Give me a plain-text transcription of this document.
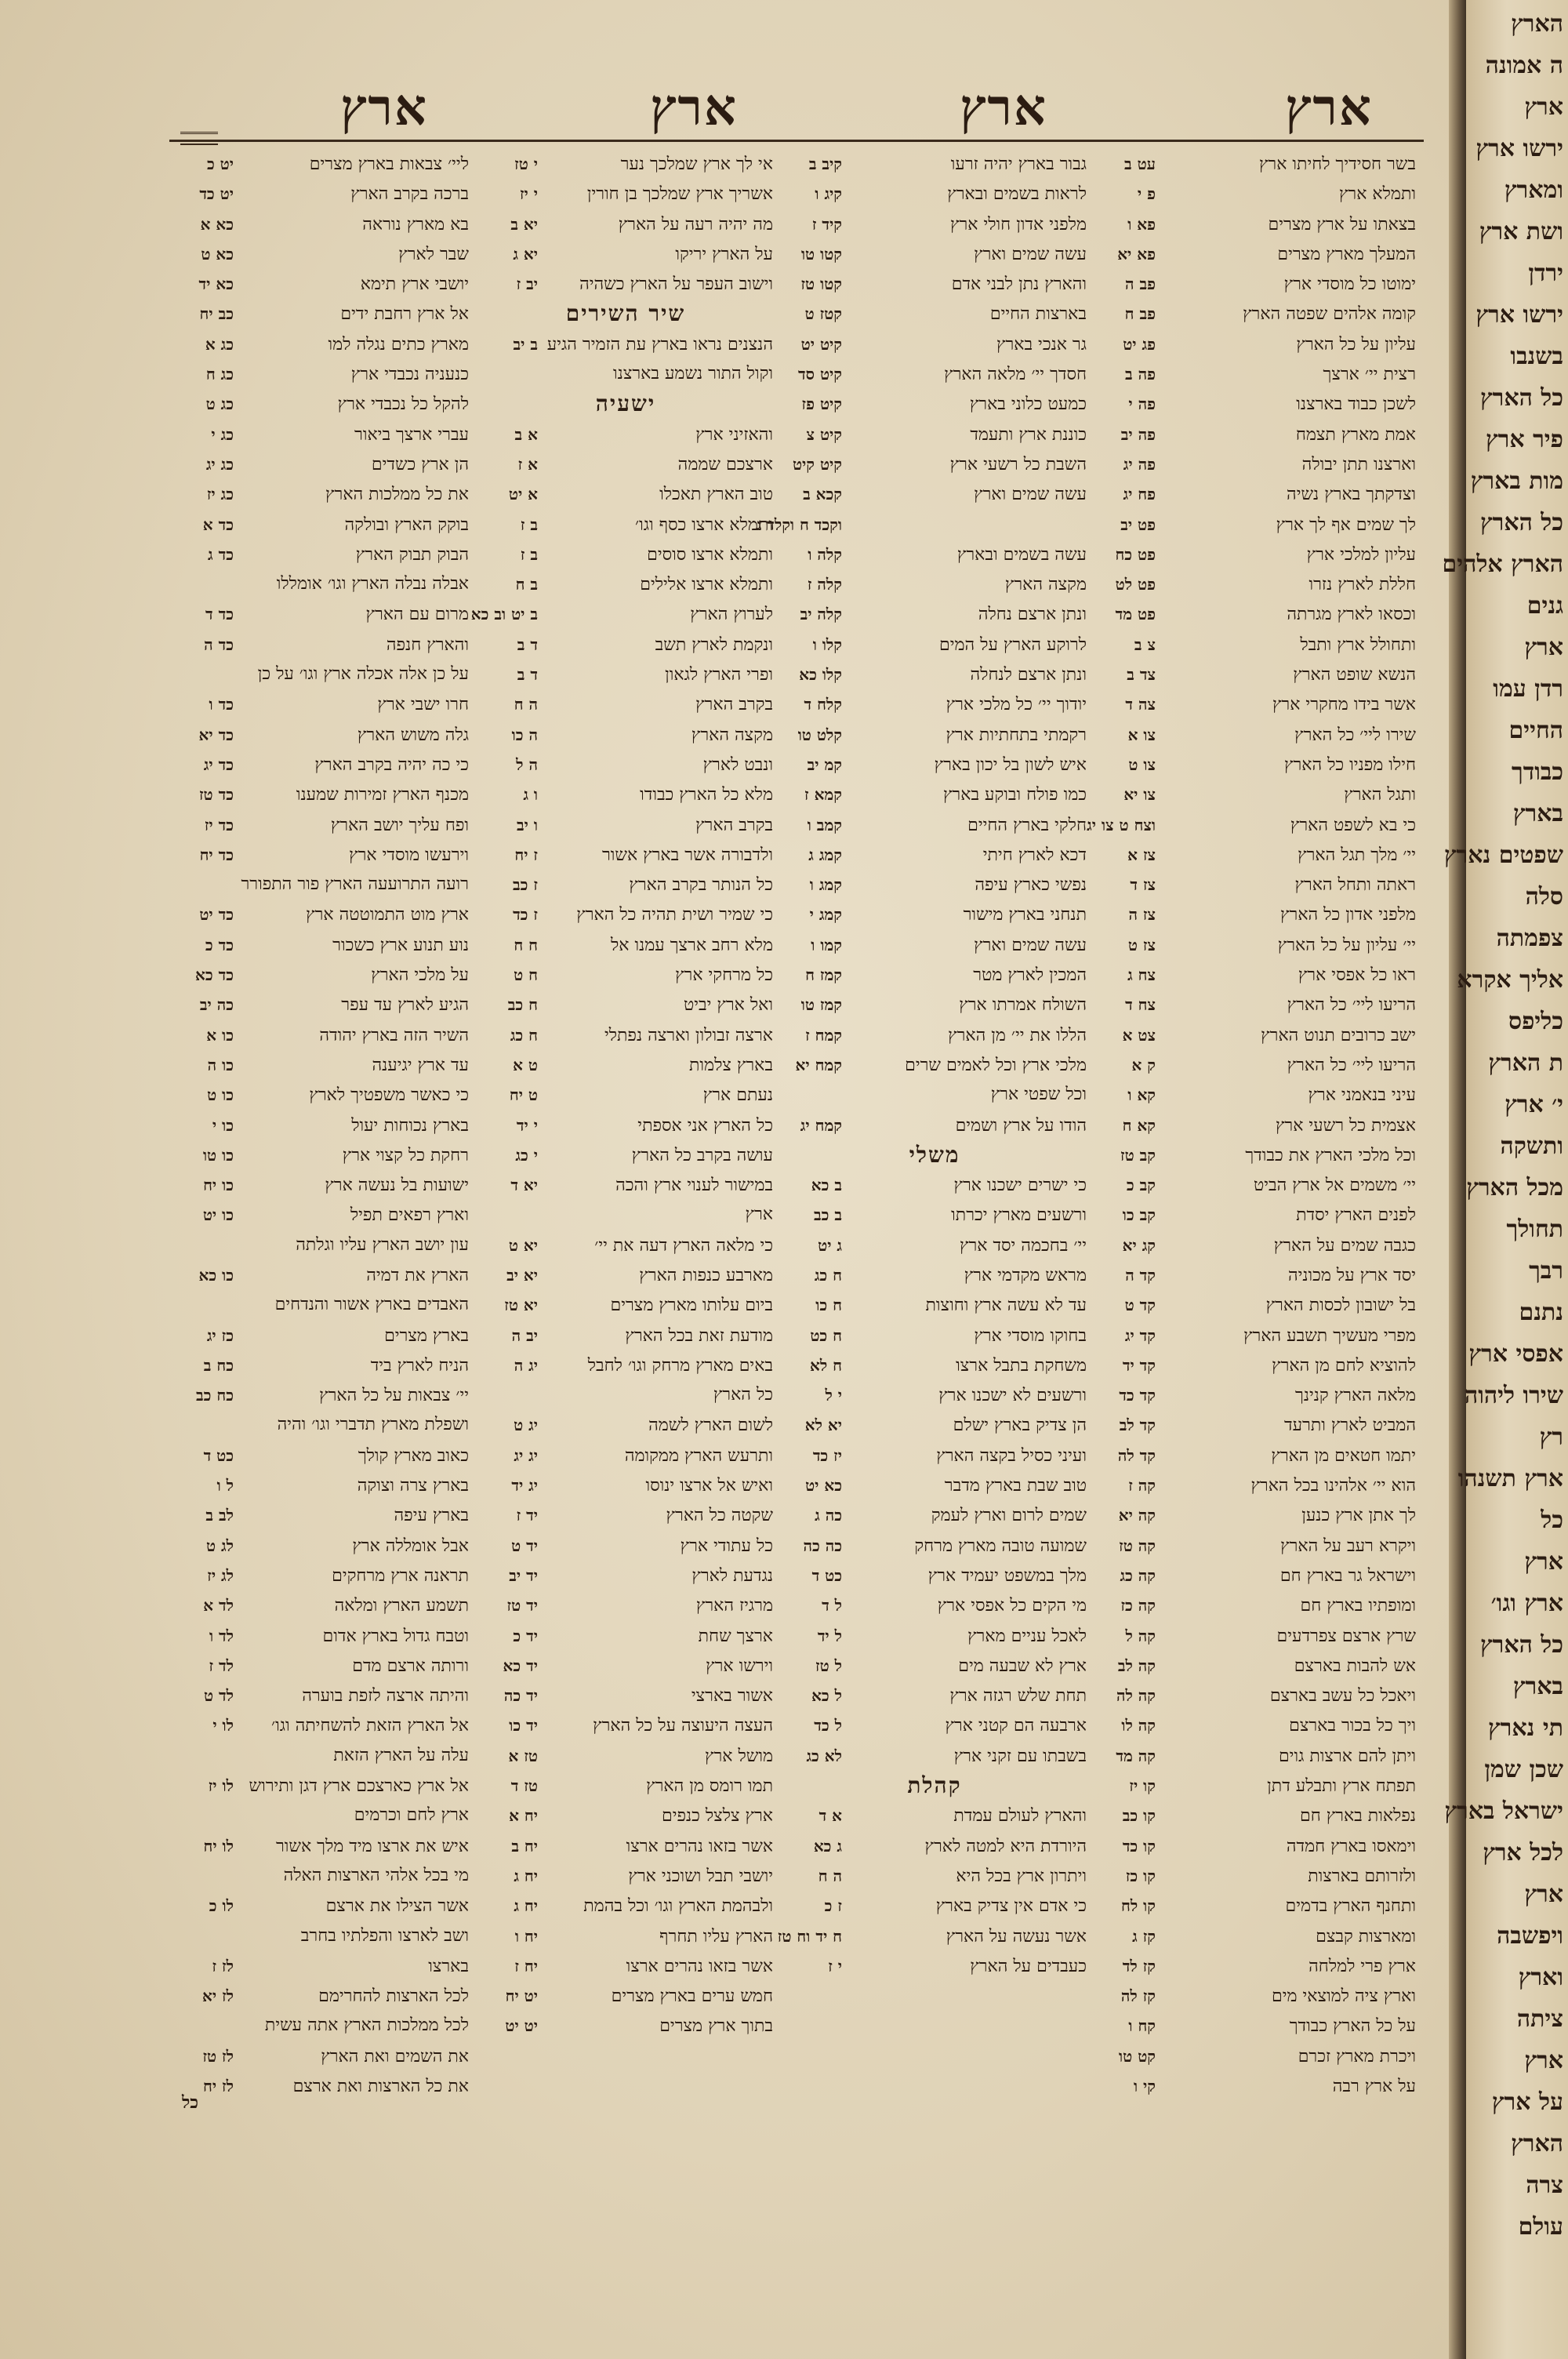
ארץ
ארץ
ארץ
ארץ
בשר חסידיך לחיתו ארץ
עט ב
ותמלא ארץ
פ י
בצאתו על ארץ מצרים
פא ו
המעלך מארץ מצרים
פא יא
ימוטו כל מוסדי ארץ
פב ה
קומה אלהים שפטה הארץ
פב ח
עליון על כל הארץ
פג יט
רצית יי׳ ארצך
פה ב
לשכן כבוד בארצנו
פה י
אמת מארץ תצמח
פה יב
וארצנו תתן יבולה
פה יג
וצדקתך בארץ נשיה
פח יג
לך שמים אף לך ארץ
פט יב
עליון למלכי ארץ
פט כח
חללת לארץ נזרו
פט לט
וכסאו לארץ מגרתה
פט מד
ותחולל ארץ ותבל
צ ב
הנשא שופט הארץ
צד ב
אשר בידו מחקרי ארץ
צה ד
שירו ליי׳ כל הארץ
צו א
חילו מפניו כל הארץ
צו ט
ותגל הארץ
צו יא
כי בא לשפט הארץ
וצח ט צו יג
יי׳ מלך תגל הארץ
צז א
ראתה ותחל הארץ
צז ד
מלפני אדון כל הארץ
צז ה
יי׳ עליון על כל הארץ
צז ט
ראו כל אפסי ארץ
צח ג
הריעו ליי׳ כל הארץ
צח ד
ישב כרובים תנוט הארץ
צט א
הריעו ליי׳ כל הארץ
ק א
עיני בנאמני ארץ
קא ו
אצמית כל רשעי ארץ
קא ח
וכל מלכי הארץ את כבודך
קב טז
יי׳ משמים אל ארץ הביט
קב כ
לפנים הארץ יסדת
קב כו
כגבה שמים על הארץ
קג יא
יסד ארץ על מכוניה
קד ה
בל ישובון לכסות הארץ
קד ט
מפרי מעשיך תשבע הארץ
קד יג
להוציא לחם מן הארץ
קד יד
מלאה הארץ קנינך
קד כד
המביט לארץ ותרעד
קד לב
יתמו חטאים מן הארץ
קד לה
הוא יי׳ אלהינו בכל הארץ
קה ז
לך אתן ארץ כנען
קה יא
ויקרא רעב על הארץ
קה טז
וישראל גר בארץ חם
קה כג
ומופתיו בארץ חם
קה כז
שרץ ארצם צפרדעים
קה ל
אש להבות בארצם
קה לב
ויאכל כל עשב בארצם
קה לה
ויך כל בכור בארצם
קה לו
ויתן להם ארצות גוים
קה מד
תפתח ארץ ותבלע דתן
קו יז
נפלאות בארץ חם
קו כב
וימאסו בארץ חמדה
קו כד
ולזרותם בארצות
קו כז
ותחנף הארץ בדמים
קו לח
ומארצות קבצם
קז ג
ארץ פרי למלחה
קז לד
וארץ ציה למוצאי מים
קז לה
על כל הארץ כבודך
קח ו
ויכרת מארץ זכרם
קט טו
על ארץ רבה
קי ו
גבור בארץ יהיה זרעו
קיב ב
לראות בשמים ובארץ
קיג ו
מלפני אדון חולי ארץ
קיד ז
עשה שמים וארץ
קטו טו
והארץ נתן לבני אדם
קטו טז
בארצות החיים
קטז ט
גר אנכי בארץ
קיט יט
חסדך יי׳ מלאה הארץ
קיט סד
כמעט כלוני בארץ
קיט פז
כוננת ארץ ותעמד
קיט צ
השבת כל רשעי ארץ
קיט קיט
עשה שמים וארץ
קכא ב
וקכד ח וקלד ג
עשה בשמים ובארץ
קלה ו
מקצה הארץ
קלה ז
ונתן ארצם נחלה
קלה יב
לרוקע הארץ על המים
קלו ו
ונתן ארצם לנחלה
קלו כא
יודוך יי׳ כל מלכי ארץ
קלח ד
רקמתי בתחתיות ארץ
קלט טו
איש לשון בל יכון בארץ
קמ יב
כמו פולח ובוקע בארץ
קמא ז
חלקי בארץ החיים
קמב ו
דכא לארץ חיתי
קמג ג
נפשי כארץ עיפה
קמג ו
תנחני בארץ מישור
קמג י
עשה שמים וארץ
קמו ו
המכין לארץ מטר
קמז ח
השולח אמרתו ארץ
קמז טו
הללו את יי׳ מן הארץ
קמח ז
מלכי ארץ וכל לאמים שרים
קמח יא
וכל שפטי ארץ
הודו על ארץ ושמים
קמח יג
משלי
כי ישרים ישכנו ארץ
ב כא
ורשעים מארץ יכרתו
ב כב
יי׳ בחכמה יסד ארץ
ג יט
מראש מקדמי ארץ
ח כג
עד לא עשה ארץ וחוצות
ח כו
בחוקו מוסדי ארץ
ח כט
משחקת בתבל ארצו
ח לא
ורשעים לא ישכנו ארץ
י ל
הן צדיק בארץ ישלם
יא לא
ועיני כסיל בקצה הארץ
יז כד
טוב שבת בארץ מדבר
כא יט
שמים לרום וארץ לעמק
כה ג
שמועה טובה מארץ מרחק
כה כה
מלך במשפט יעמיד ארץ
כט ד
מי הקים כל אפסי ארץ
ל ד
לאכל עניים מארץ
ל יד
ארץ לא שבעה מים
ל טז
תחת שלש רגזה ארץ
ל כא
ארבעה הם קטני ארץ
ל כד
בשבתו עם זקני ארץ
לא כג
קהלת
והארץ לעולם עמדת
א ד
היורדת היא למטה לארץ
ג כא
ויתרון ארץ בכל היא
ה ח
כי אדם אין צדיק בארץ
ז כ
אשר נעשה על הארץ
ח יד וח טז
כעבדים על הארץ
י ז
אי לך ארץ שמלכך נער
י טז
אשריך ארץ שמלכך בן חורין
י יז
מה יהיה רעה על הארץ
יא ב
על הארץ יריקו
יא ג
וישוב העפר על הארץ כשהיה
יב ז
שיר השירים
הנצנים נראו בארץ עת הזמיר הגיע
ב יב
וקול התור נשמע בארצנו
ישעיה
והאזיני ארץ
א ב
ארצכם שממה
א ז
טוב הארץ תאכלו
א יט
ותמלא ארצו כסף וגו׳
ב ז
ותמלא ארצו סוסים
ב ז
ותמלא ארצו אלילים
ב ח
לערוץ הארץ
ב יט וב כא
ונקמת לארץ תשב
ד ב
ופרי הארץ לגאון
ד ב
בקרב הארץ
ה ח
מקצה הארץ
ה כו
ונבט לארץ
ה ל
מלא כל הארץ כבודו
ו ג
בקרב הארץ
ו יב
ולדבורה אשר בארץ אשור
ז יח
כל הנותר בקרב הארץ
ז כב
כי שמיר ושית תהיה כל הארץ
ז כד
מלא רחב ארצך עמנו אל
ח ח
כל מרחקי ארץ
ח ט
ואל ארץ יביט
ח כב
ארצה זבולון וארצה נפתלי
ח כג
בארץ צלמות
ט א
נעתם ארץ
ט יח
כל הארץ אני אספתי
י יד
עושה בקרב כל הארץ
י כג
במישור לענוי ארץ והכה
יא ד
ארץ
כי מלאה הארץ דעה את יי׳
יא ט
מארבע כנפות הארץ
יא יב
ביום עלותו מארץ מצרים
יא טז
מודעת זאת בכל הארץ
יב ה
באים מארץ מרחק וגו׳ לחבל
יג ה
כל הארץ
לשום הארץ לשמה
יג ט
ותרעש הארץ ממקומה
יג יג
ואיש אל ארצו ינוסו
יג יד
שקטה כל הארץ
יד ז
כל עתודי ארץ
יד ט
נגדעת לארץ
יד יב
מרגיז הארץ
יד טז
ארצך שחת
יד כ
וירשו ארץ
יד כא
אשור בארצי
יד כה
העצה היעוצה על כל הארץ
יד כו
מושל ארץ
טז א
תמו רומס מן הארץ
טז ד
ארץ צלצל כנפים
יח א
אשר בזאו נהרים ארצו
יח ב
יושבי תבל ושוכני ארץ
יח ג
ולבהמת הארץ וגו׳ וכל בהמת
יח ג
הארץ עליו תחרף
יח ו
אשר בזאו נהרים ארצו
יח ז
חמש ערים בארץ מצרים
יט יח
בתוך ארץ מצרים
יט יט
ליי׳ צבאות בארץ מצרים
יט כ
ברכה בקרב הארץ
יט כד
בא מארץ נוראה
כא א
שבר לארץ
כא ט
יושבי ארץ תימא
כא יד
אל ארץ רחבת ידים
כב יח
מארץ כתים נגלה למו
כג א
כנעניה נכבדי ארץ
כג ח
להקל כל נכבדי ארץ
כג ט
עברי ארצך ביאור
כג י
הן ארץ כשדים
כג יג
את כל ממלכות הארץ
כג יז
בוקק הארץ ובולקה
כד א
הבוק תבוק הארץ
כד ג
אבלה נבלה הארץ וגו׳ אומללו
מרום עם הארץ
כד ד
והארץ חנפה
כד ה
על כן אלה אכלה ארץ וגו׳ על כן
חרו ישבי ארץ
כד ו
גלה משוש הארץ
כד יא
כי כה יהיה בקרב הארץ
כד יג
מכנף הארץ זמירות שמענו
כד טז
ופח עליך יושב הארץ
כד יז
וירעשו מוסדי ארץ
כד יח
רועה התרועעה הארץ פור התפורר
ארץ מוט התמוטטה ארץ
כד יט
נוע תנוע ארץ כשכור
כד כ
על מלכי הארץ
כד כא
הגיע לארץ עד עפר
כה יב
השיר הזה בארץ יהודה
כו א
עד ארץ יגיענה
כו ה
כי כאשר משפטיך לארץ
כו ט
בארץ נכוחות יעול
כו י
רחקת כל קצוי ארץ
כו טו
ישועות בל נעשה ארץ
כו יח
וארץ רפאים תפיל
כו יט
עון יושב הארץ עליו וגלתה
הארץ את דמיה
כו כא
האבדים בארץ אשור והנדחים
בארץ מצרים
כז יג
הניח לארץ ביד
כח ב
יי׳ צבאות על כל הארץ
כח כב
ושפלת מארץ תדברי וגו׳ והיה
כאוב מארץ קולך
כט ד
בארץ צרה וצוקה
ל ו
בארץ עיפה
לב ב
אבל אומללה ארץ
לג ט
תראנה ארץ מרחקים
לג יז
תשמע הארץ ומלאה
לד א
וטבח גדול בארץ אדום
לד ו
ורותה ארצם מדם
לד ז
והיתה ארצה לזפת בוערה
לד ט
אל הארץ הזאת להשחיתה וגו׳
לו י
עלה על הארץ הזאת
אל ארץ כארצכם ארץ דגן ותירוש
לו יז
ארץ לחם וכרמים
איש את ארצו מיד מלך אשור
לו יח
מי בכל אלהי הארצות האלה
אשר הצילו את ארצם
לו כ
ושב לארצו והפלתיו בחרב
בארצו
לז ז
לכל הארצות להחרימם
לז יא
לכל ממלכות הארץ אתה עשית
את השמים ואת הארץ
לז טז
את כל הארצות ואת ארצם
לז יח
כל
הארץ
ה אמונה
ארץ
ירשו ארץ
ומארץ
ושת ארץ
ירדן
ירשו ארץ
בשנבו
כל הארץ
פיר ארץ
מות בארץ
כל הארץ
הארץ אלהים
גנים
ארץ
רדן עמו
החיים
כבודך
בארץ
שפטים נארץ
סלה
צפמתה
אליך אקרא
כליפס
ת הארץ
י׳ ארץ
ותשקה
מכל הארץ
תחולך
רבך
נתנם
אפסי ארץ
שירו ליהוה
רץ
ארץ תשנהו
כל
ארץ
ארץ וגו׳
כל הארץ
בארץ
תי נארץ
שכן שמן
ישראל בארץ
לכל ארץ
ארץ
ויפשבה
וארץ
ציתה
ארץ
על ארץ
הארץ
צרה
עולם
